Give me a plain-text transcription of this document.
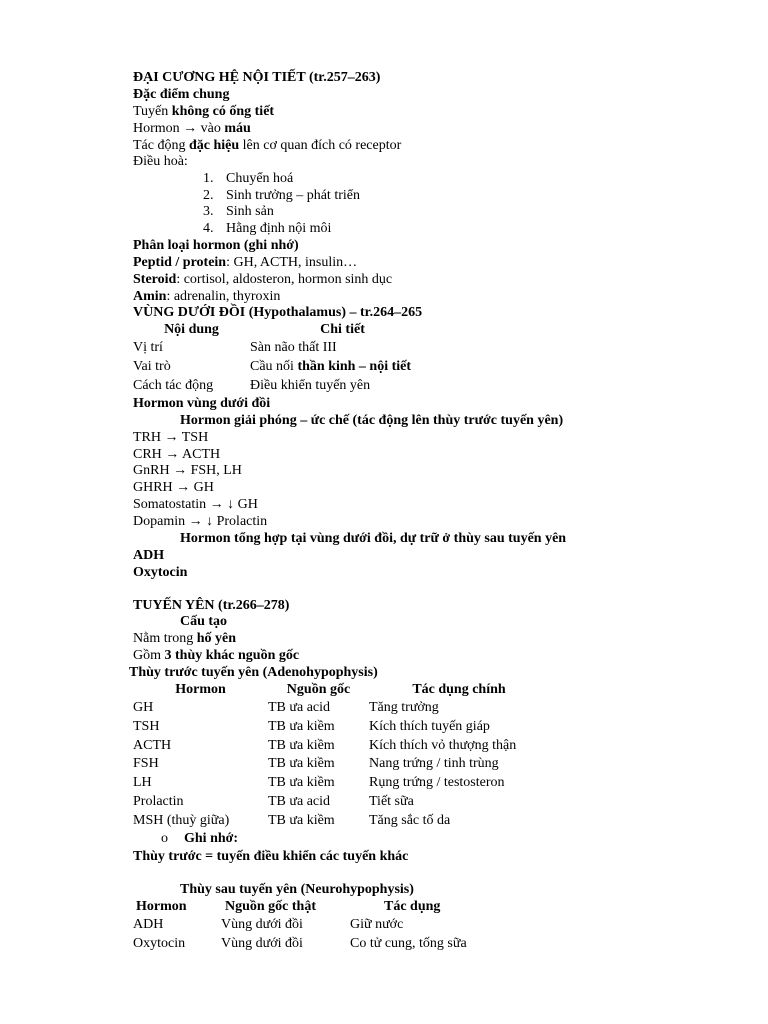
ĐẠI CƯƠNG HỆ NỘI TIẾT (tr.257–263)
Đặc điểm chung
Tuyến không có ống tiết
Hormon → vào máu
Tác động đặc hiệu lên cơ quan đích có receptor
Điều hoà:
1. Chuyển hoá
2. Sinh trưởng – phát triển
3. Sinh sản
4. Hằng định nội môi
Phân loại hormon (ghi nhớ)
Peptid / protein: GH, ACTH, insulin…
Steroid: cortisol, aldosteron, hormon sinh dục
Amin: adrenalin, thyroxin
VÙNG DƯỚI ĐỒI (Hypothalamus) – tr.264–265
Nội dung	Chi tiết
Vị trí	Sàn não thất III
Vai trò	Cầu nối thần kinh – nội tiết
Cách tác động	Điều khiển tuyến yên
Hormon vùng dưới đồi
Hormon giải phóng – ức chế (tác động lên thùy trước tuyến yên)
TRH → TSH
CRH → ACTH
GnRH → FSH, LH
GHRH → GH
Somatostatin → ↓ GH
Dopamin → ↓ Prolactin
Hormon tổng hợp tại vùng dưới đồi, dự trữ ở thùy sau tuyến yên
ADH
Oxytocin
TUYẾN YÊN (tr.266–278)
Cấu tạo
Nằm trong hố yên
Gồm 3 thùy khác nguồn gốc
Thùy trước tuyến yên (Adenohypophysis)
Hormon	Nguồn gốc	Tác dụng chính
GH	TB ưa acid	Tăng trưởng
TSH	TB ưa kiềm	Kích thích tuyến giáp
ACTH	TB ưa kiềm	Kích thích vỏ thượng thận
FSH	TB ưa kiềm	Nang trứng / tinh trùng
LH	TB ưa kiềm	Rụng trứng / testosteron
Prolactin	TB ưa acid	Tiết sữa
MSH (thuỳ giữa)	TB ưa kiềm	Tăng sắc tố da
o Ghi nhớ:
Thùy trước = tuyến điều khiển các tuyến khác
Thùy sau tuyến yên (Neurohypophysis)
Hormon	Nguồn gốc thật	Tác dụng
ADH	Vùng dưới đồi	Giữ nước
Oxytocin	Vùng dưới đồi	Co tử cung, tống sữa
